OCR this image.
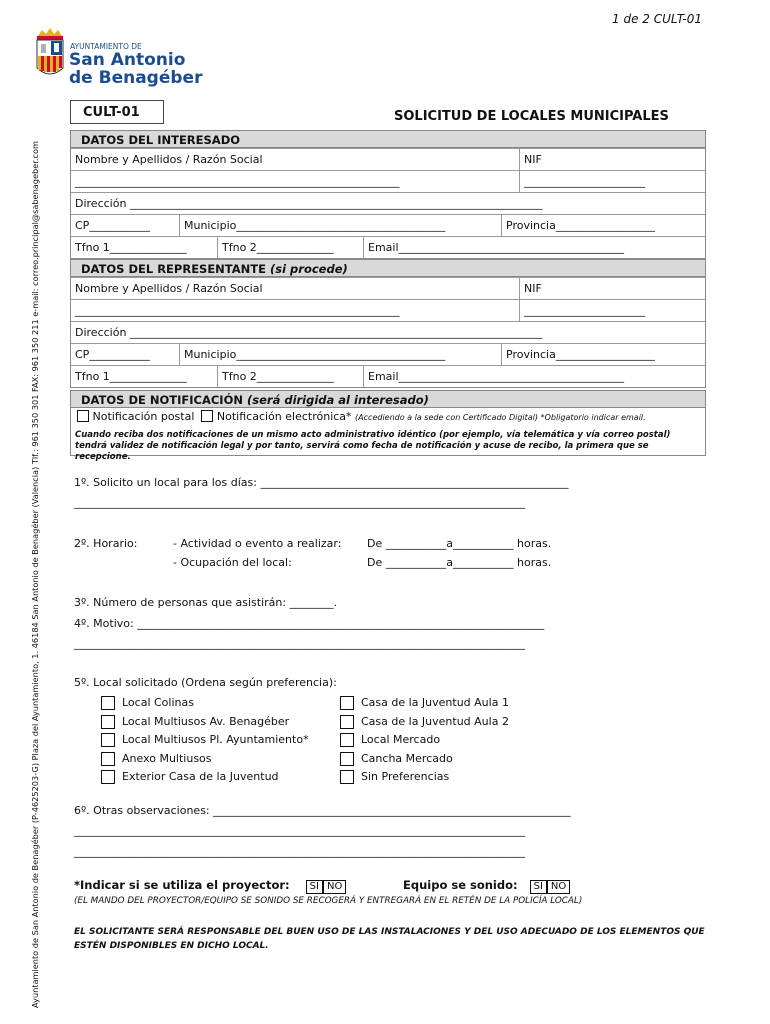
1 de 2 CULT-01
AYUNTAMIENTO DE
San Antonio
de Benagéber
Ayuntamiento de San Antonio de Benagéber (P-4625203-G) Plaza del Ayuntamiento, 1. 46184 San Antonio de Benagéber (Valencia) Tlf.: 961 350 301 FAX: 961 350 211 e-mail: correo.principal@sabenageber.com
CULT-01	SOLICITUD DE LOCALES MUNICIPALES
DATOS DEL INTERESADO
Nombre y Apellidos / Razón Social	NIF
___________________________________________________________	______________________
Dirección ___________________________________________________________________________
CP___________	Municipio______________________________________	Provincia__________________
Tfno 1______________	Tfno 2______________	Email_________________________________________
DATOS DEL REPRESENTANTE (si procede)
Nombre y Apellidos / Razón Social	NIF
___________________________________________________________	______________________
Dirección ___________________________________________________________________________
CP___________	Municipio______________________________________	Provincia__________________
Tfno 1______________	Tfno 2______________	Email_________________________________________
DATOS DE NOTIFICACIÓN (será dirigida al interesado)
Notificación postal Notificación electrónica* (Accediendo a la sede con Certificado Digital) *Obligatorio indicar email.
Cuando reciba dos notificaciones de un mismo acto administrativo idéntico (por ejemplo, vía telemática y vía correo postal) tendrá validez de notificación legal y por tanto, servirá como fecha de notificación y acuse de recibo, la primera que se recepcione.
1º. Solicito un local para los días: ________________________________________________________
__________________________________________________________________________________
2º. Horario:	- Actividad o evento a realizar: De ___________a___________ horas.
- Ocupación del local:	De ___________a___________ horas.
3º. Número de personas que asistirán: ________.
4º. Motivo: __________________________________________________________________________
__________________________________________________________________________________
5º. Local solicitado (Ordena según preferencia):
Local Colinas
Local Multiusos Av. Benagéber
Local Multiusos Pl. Ayuntamiento*
Anexo Multiusos
Exterior Casa de la Juventud
Casa de la Juventud Aula 1
Casa de la Juventud Aula 2
Local Mercado
Cancha Mercado
Sin Preferencias
6º. Otras observaciones: _________________________________________________________________
__________________________________________________________________________________
__________________________________________________________________________________
*Indicar si se utiliza el proyector: SI NO	Equipo se sonido: SI NO
(EL MANDO DEL PROYECTOR/EQUIPO SE SONIDO SE RECOGERÁ Y ENTREGARÁ EN EL RETÉN DE LA POLICÍA LOCAL)
EL SOLICITANTE SERÁ RESPONSABLE DEL BUEN USO DE LAS INSTALACIONES Y DEL USO ADECUADO DE LOS ELEMENTOS QUE ESTÉN DISPONIBLES EN DICHO LOCAL.
